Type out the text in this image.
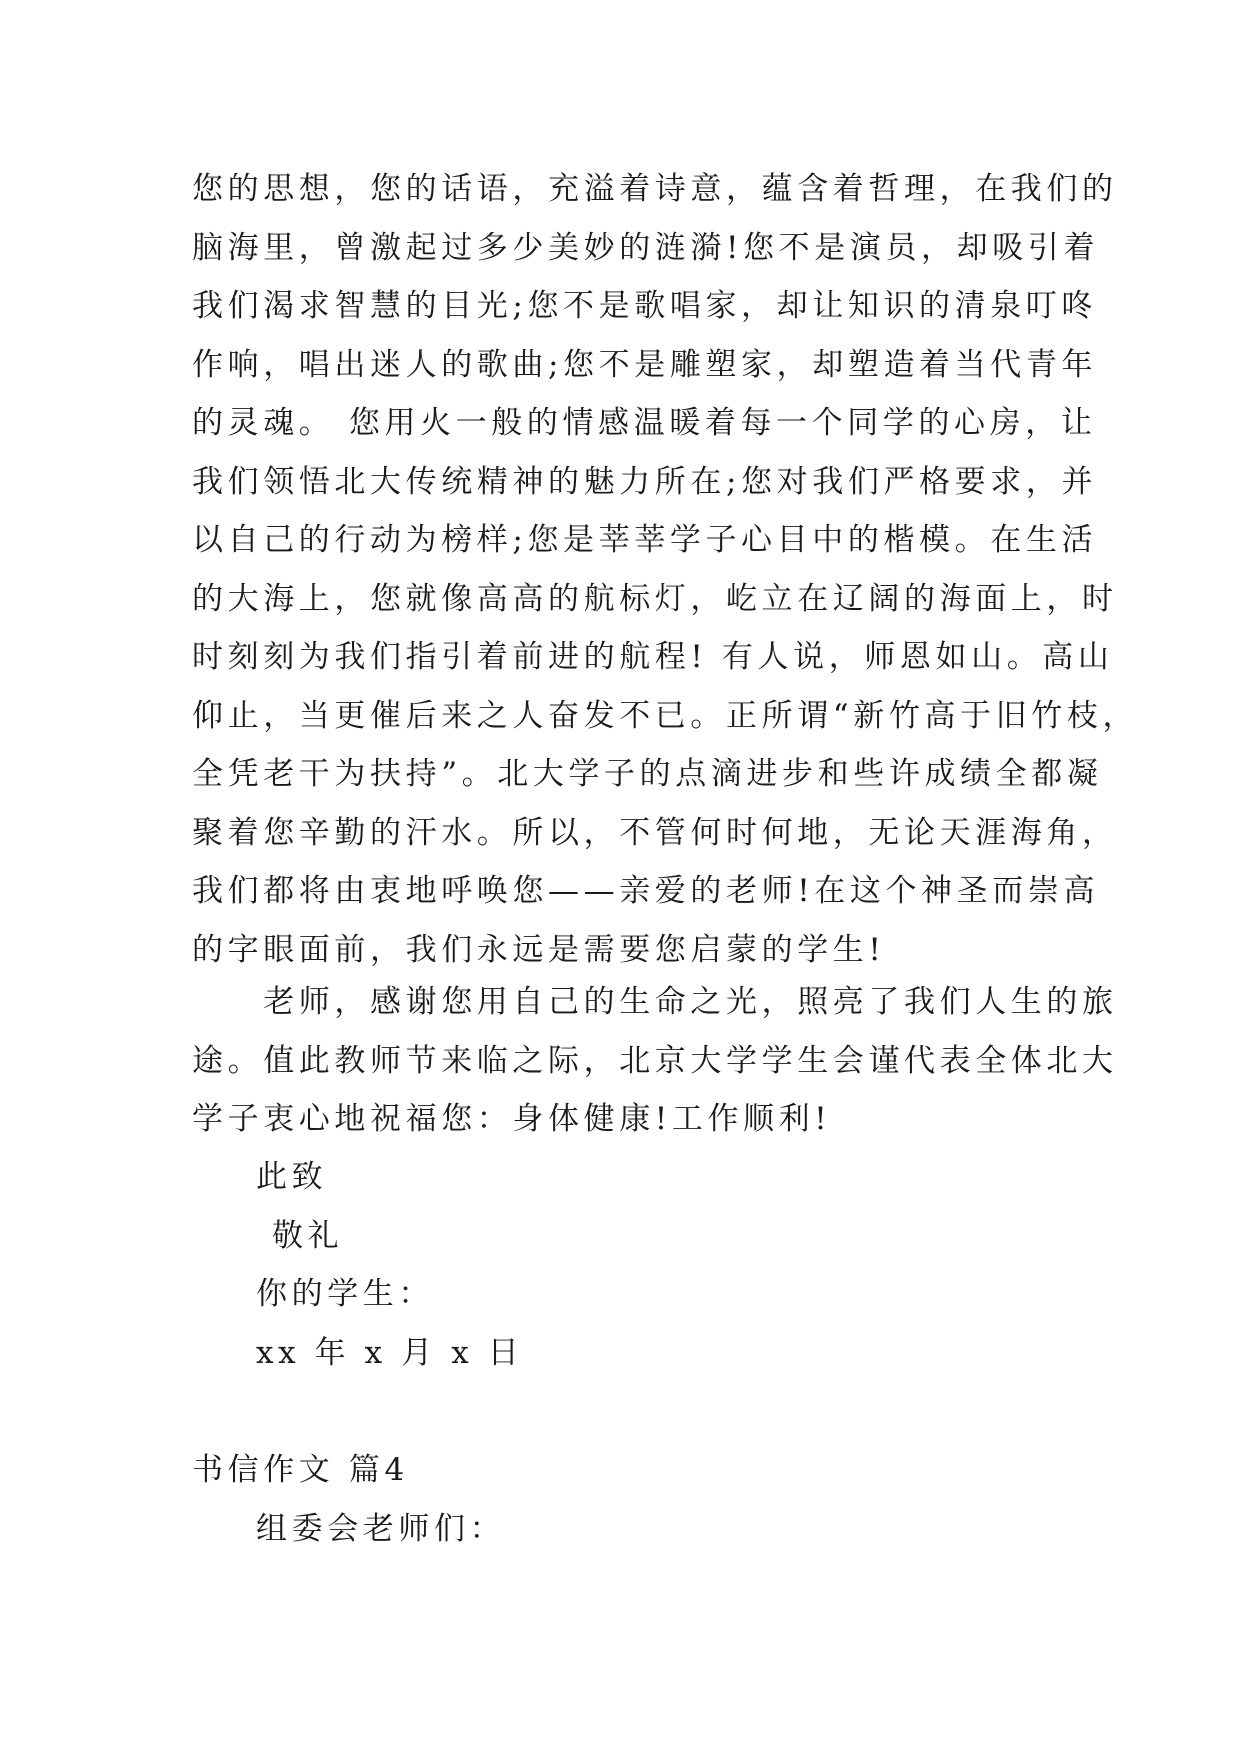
您的思想，您的话语，充溢着诗意，蕴含着哲理，在我们的
脑海里，曾激起过多少美妙的涟漪!您不是演员，却吸引着
我们渴求智慧的目光;您不是歌唱家，却让知识的清泉叮咚
作响，唱出迷人的歌曲;您不是雕塑家，却塑造着当代青年
的灵魂。 您用火一般的情感温暖着每一个同学的心房，让
我们领悟北大传统精神的魅力所在;您对我们严格要求，并
以自己的行动为榜样;您是莘莘学子心目中的楷模。在生活
的大海上，您就像高高的航标灯，屹立在辽阔的海面上，时
时刻刻为我们指引着前进的航程! 有人说，师恩如山。高山
仰止，当更催后来之人奋发不已。正所谓“新竹高于旧竹枝，
全凭老干为扶持”。北大学子的点滴进步和些许成绩全都凝
聚着您辛勤的汗水。所以，不管何时何地，无论天涯海角，
我们都将由衷地呼唤您——亲爱的老师!在这个神圣而崇高
的字眼面前，我们永远是需要您启蒙的学生!
　　老师，感谢您用自己的生命之光，照亮了我们人生的旅
途。值此教师节来临之际，北京大学学生会谨代表全体北大
学子衷心地祝福您：身体健康!工作顺利!
此致
敬礼
你的学生：
xx 年 x 月 x 日
书信作文 篇4
组委会老师们：
